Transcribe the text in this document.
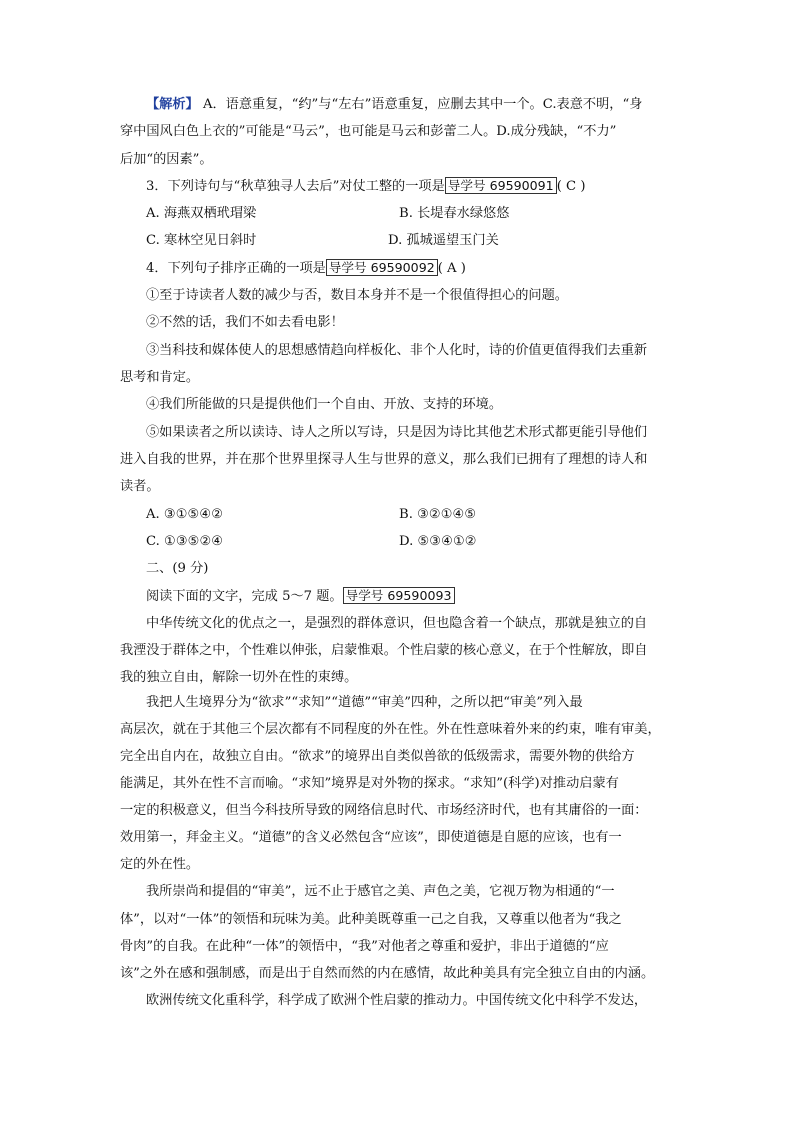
【解析】 A．语意重复，“约”与“左右”语意重复，应删去其中一个。C.表意不明，“身
穿中国风白色上衣的”可能是“马云”，也可能是马云和彭蕾二人。D.成分残缺，“不力”
后加“的因素”。
3．下列诗句与“秋草独寻人去后”对仗工整的一项是 导学号 69590091 ( C )
A. 海燕双栖玳瑁梁	B. 长堤春水绿悠悠
C. 寒林空见日斜时	D. 孤城遥望玉门关
4．下列句子排序正确的一项是 导学号 69590092 ( A )
①至于诗读者人数的减少与否，数目本身并不是一个很值得担心的问题。
②不然的话，我们不如去看电影！
③当科技和媒体使人的思想感情趋向样板化、非个人化时，诗的价值更值得我们去重新
思考和肯定。
④我们所能做的只是提供他们一个自由、开放、支持的环境。
⑤如果读者之所以读诗、诗人之所以写诗，只是因为诗比其他艺术形式都更能引导他们
进入自我的世界，并在那个世界里探寻人生与世界的意义，那么我们已拥有了理想的诗人和
读者。
A. ③①⑤④②	B. ③②①④⑤
C. ①③⑤②④	D. ⑤③④①②
二、(9 分)
阅读下面的文字，完成 5～7 题。 导学号 69590093
中华传统文化的优点之一，是强烈的群体意识，但也隐含着一个缺点，那就是独立的自
我湮没于群体之中，个性难以伸张，启蒙惟艰。个性启蒙的核心意义，在于个性解放，即自
我的独立自由，解除一切外在性的束缚。
我把人生境界分为“欲求”“求知”“道德”“审美”四种，之所以把“审美”列入最
高层次，就在于其他三个层次都有不同程度的外在性。外在性意味着外来的约束，唯有审美，
完全出自内在，故独立自由。“欲求”的境界出自类似兽欲的低级需求，需要外物的供给方
能满足，其外在性不言而喻。“求知”境界是对外物的探求。“求知”(科学)对推动启蒙有
一定的积极意义，但当今科技所导致的网络信息时代、市场经济时代，也有其庸俗的一面：
效用第一，拜金主义。“道德”的含义必然包含“应该”，即使道德是自愿的应该，也有一
定的外在性。
我所崇尚和提倡的“审美”，远不止于感官之美、声色之美，它视万物为相通的“一
体”，以对“一体”的领悟和玩味为美。此种美既尊重一己之自我，又尊重以他者为“我之
骨肉”的自我。在此种“一体”的领悟中，“我”对他者之尊重和爱护，非出于道德的“应
该”之外在感和强制感，而是出于自然而然的内在感情，故此种美具有完全独立自由的内涵。
欧洲传统文化重科学，科学成了欧洲个性启蒙的推动力。中国传统文化中科学不发达，
